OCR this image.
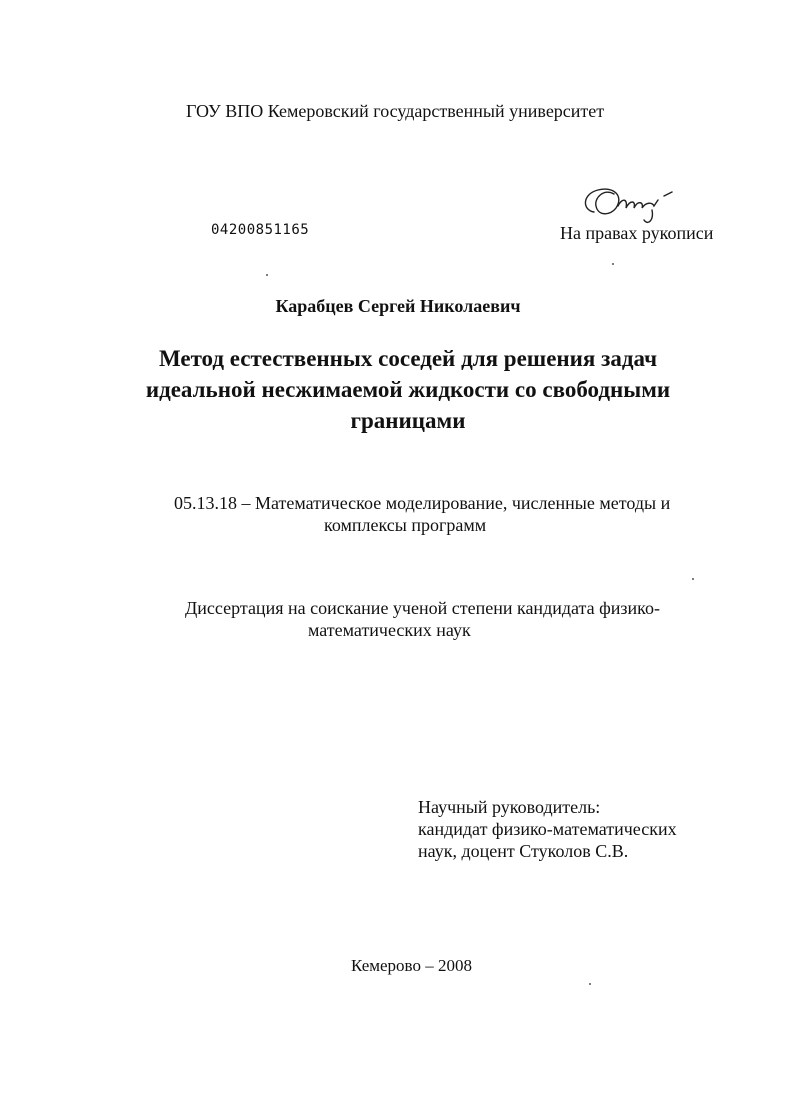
ГОУ ВПО Кемеровский государственный университет
04200851165	На правах рукописи
Карабцев Сергей Николаевич
Метод естественных соседей для решения задач
идеальной несжимаемой жидкости со свободными
границами
05.13.18 – Математическое моделирование, численные методы и
комплексы программ
Диссертация на соискание ученой степени кандидата физико-
математических наук
Научный руководитель:
кандидат физико-математических
наук, доцент Стуколов С.В.
Кемерово – 2008
